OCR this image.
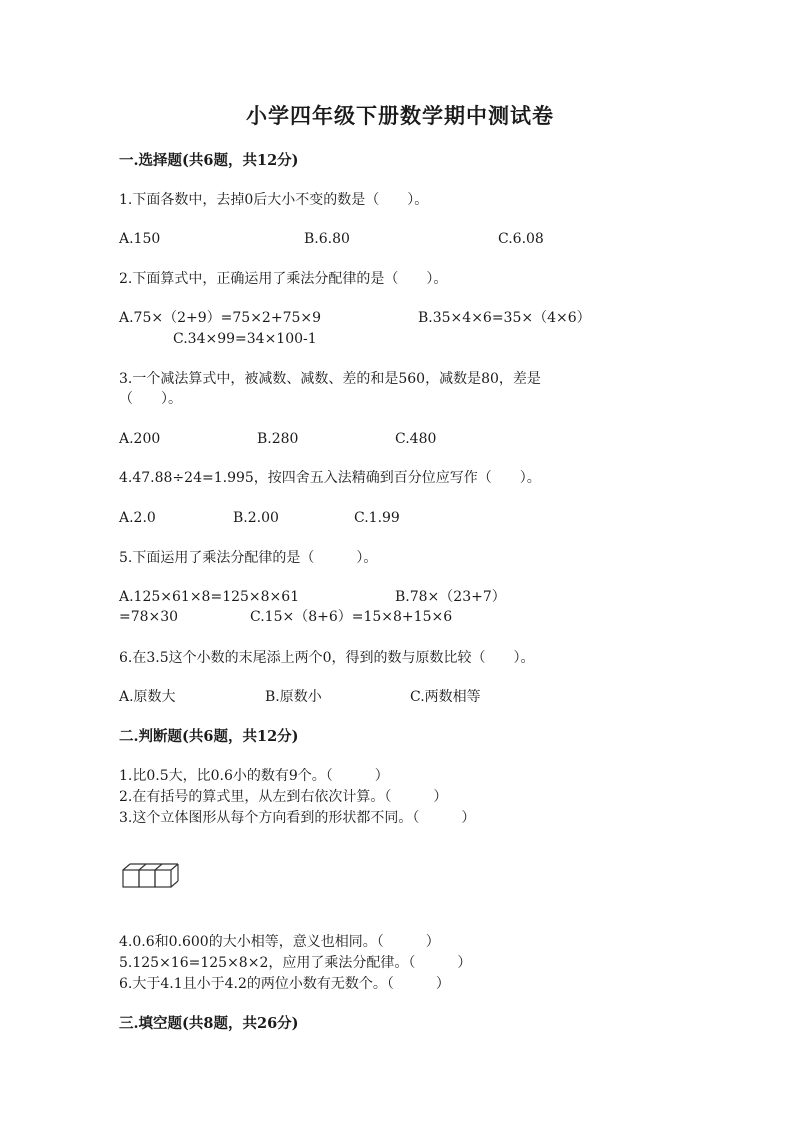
小学四年级下册数学期中测试卷
一.选择题(共6题，共12分)
1.下面各数中，去掉0后大小不变的数是（　　）。
A.150	B.6.80	C.6.08
2.下面算式中，正确运用了乘法分配律的是（　　）。
A.75×（2+9）=75×2+75×9	B.35×4×6=35×（4×6）
C.34×99=34×100-1
3.一个减法算式中，被减数、减数、差的和是560，减数是80，差是
（　　）。
A.200	B.280	C.480
4.47.88÷24=1.995，按四舍五入法精确到百分位应写作（　　）。
A.2.0	B.2.00	C.1.99
5.下面运用了乘法分配律的是（　　　）。
A.125×61×8=125×8×61	B.78×（23+7）
=78×30	C.15×（8+6）=15×8+15×6
6.在3.5这个小数的末尾添上两个0，得到的数与原数比较（　　）。
A.原数大	B.原数小	C.两数相等
二.判断题(共6题，共12分)
1.比0.5大，比0.6小的数有9个。（　　　）
2.在有括号的算式里，从左到右依次计算。（　　　）
3.这个立体图形从每个方向看到的形状都不同。（　　　）
4.0.6和0.600的大小相等，意义也相同。（　　　）
5.125×16=125×8×2，应用了乘法分配律。（　　　）
6.大于4.1且小于4.2的两位小数有无数个。（　　　）
三.填空题(共8题，共26分)
